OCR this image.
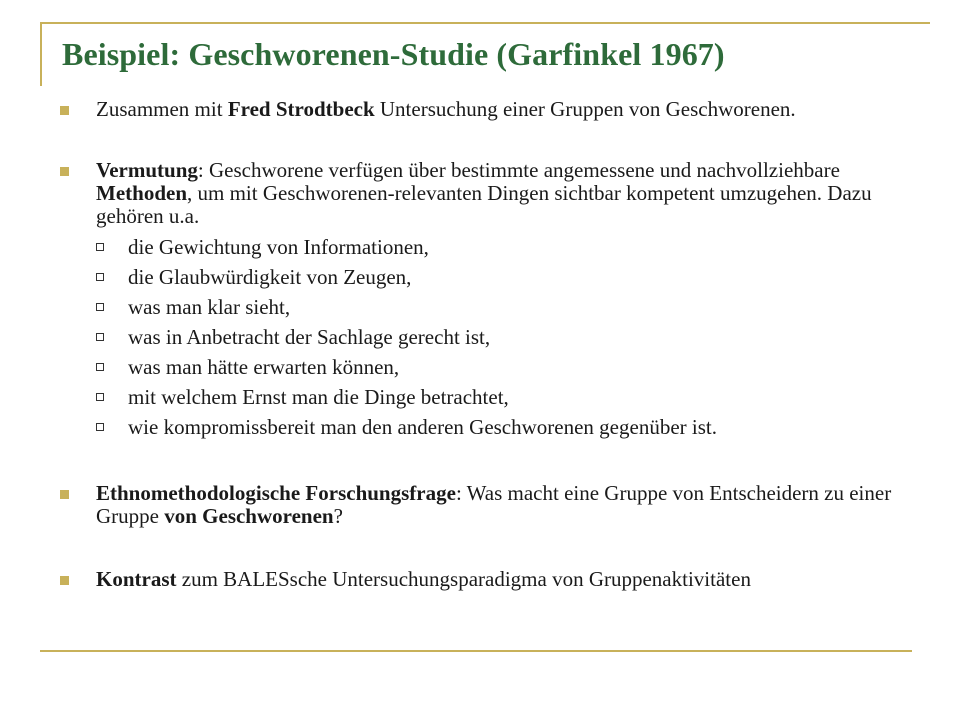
Beispiel: Geschworenen-Studie (Garfinkel 1967)
Zusammen mit Fred Strodtbeck Untersuchung einer Gruppen von Geschworenen.
Vermutung: Geschworene verfügen über bestimmte angemessene und nachvollziehbare Methoden, um mit Geschworenen-relevanten Dingen sichtbar kompetent umzugehen. Dazu gehören u.a.
die Gewichtung von Informationen,
die Glaubwürdigkeit von Zeugen,
was man klar sieht,
was in Anbetracht der Sachlage gerecht ist,
was man hätte erwarten können,
mit welchem Ernst man die Dinge betrachtet,
wie kompromissbereit man den anderen Geschworenen gegenüber ist.
Ethnomethodologische Forschungsfrage: Was macht eine Gruppe von Entscheidern zu einer Gruppe von Geschworenen?
Kontrast zum BALESsche Untersuchungsparadigma von Gruppenaktivitäten
